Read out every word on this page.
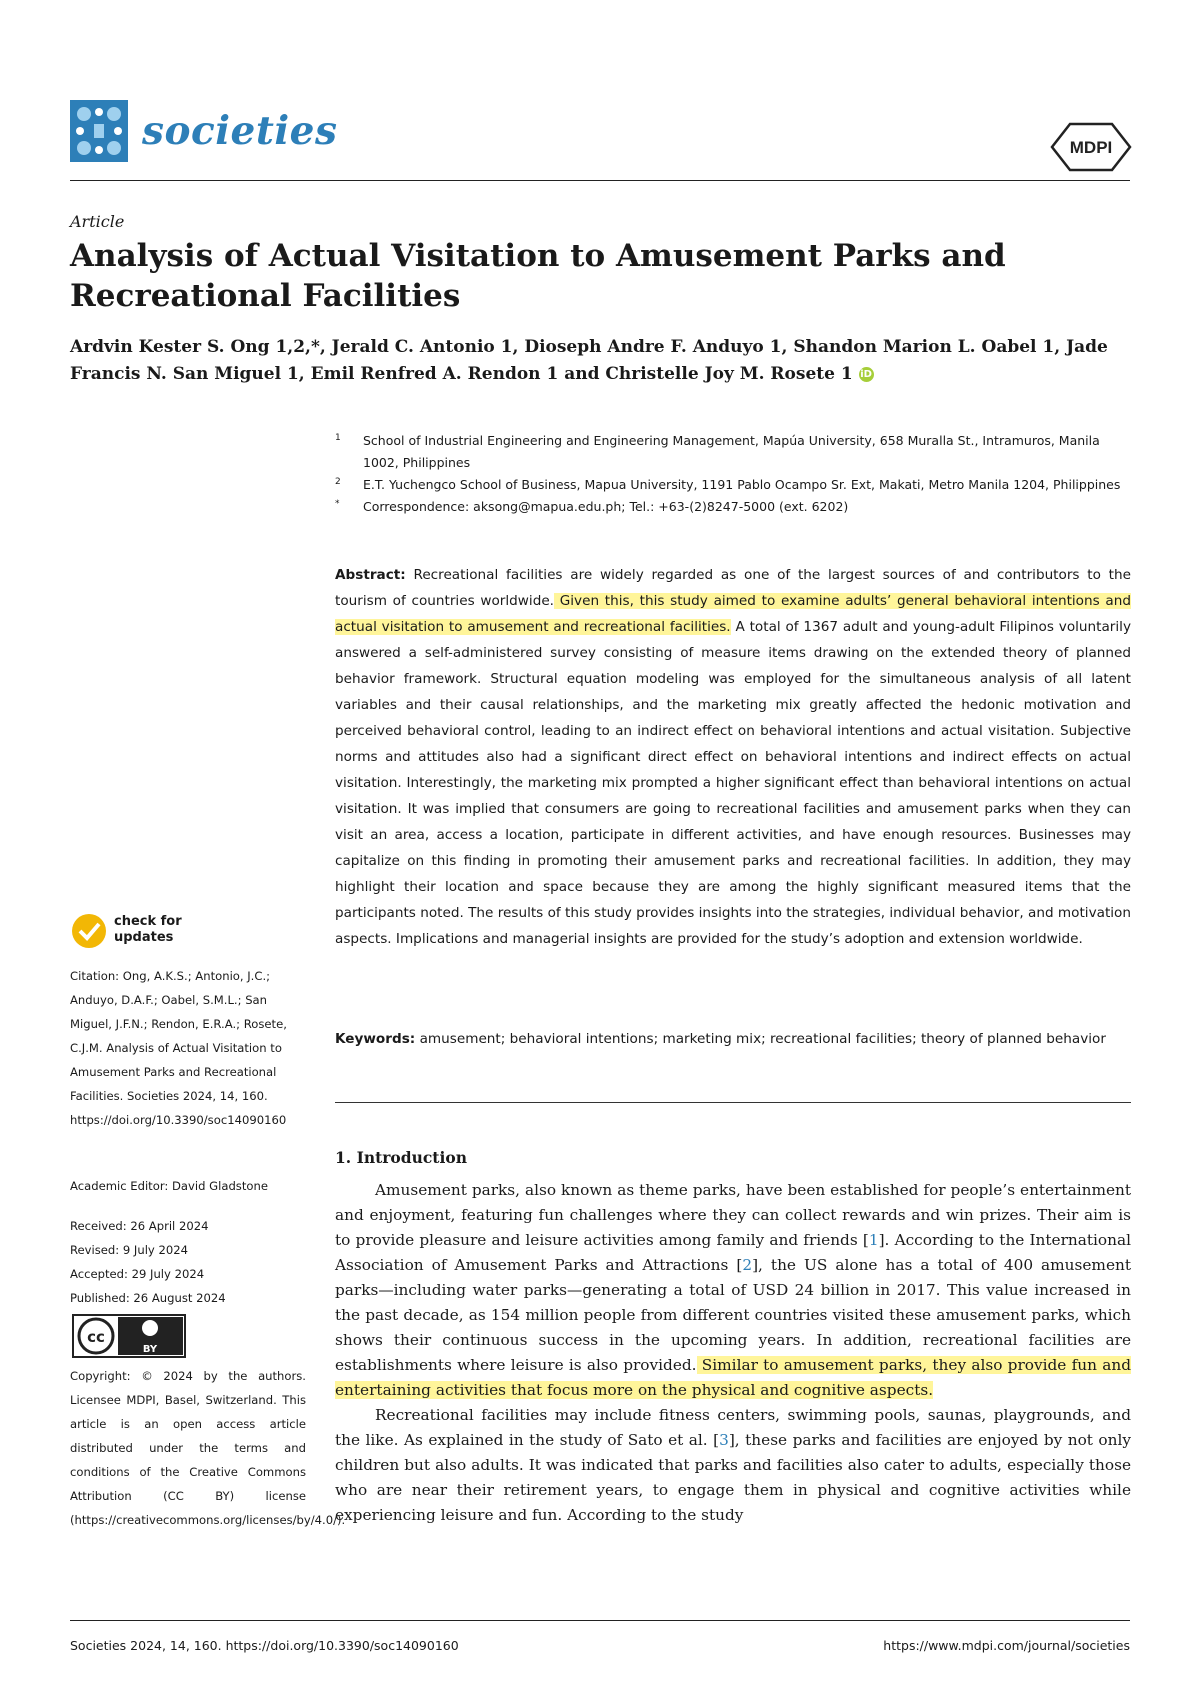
societies	MDPI
Article
Analysis of Actual Visitation to Amusement Parks and Recreational Facilities
Ardvin Kester S. Ong 1,2,*, Jerald C. Antonio 1, Dioseph Andre F. Anduyo 1, Shandon Marion L. Oabel 1, Jade Francis N. San Miguel 1, Emil Renfred A. Rendon 1 and Christelle Joy M. Rosete 1 iD
1 School of Industrial Engineering and Engineering Management, Mapúa University, 658 Muralla St., Intramuros, Manila 1002, Philippines
2 E.T. Yuchengco School of Business, Mapua University, 1191 Pablo Ocampo Sr. Ext, Makati, Metro Manila 1204, Philippines
* Correspondence: aksong@mapua.edu.ph; Tel.: +63-(2)8247-5000 (ext. 6202)
Abstract: Recreational facilities are widely regarded as one of the largest sources of and contributors to the tourism of countries worldwide. Given this, this study aimed to examine adults’ general behavioral intentions and actual visitation to amusement and recreational facilities. A total of 1367 adult and young-adult Filipinos voluntarily answered a self-administered survey consisting of measure items drawing on the extended theory of planned behavior framework. Structural equation modeling was employed for the simultaneous analysis of all latent variables and their causal relationships, and the marketing mix greatly affected the hedonic motivation and perceived behavioral control, leading to an indirect effect on behavioral intentions and actual visitation. Subjective norms and attitudes also had a significant direct effect on behavioral intentions and indirect effects on actual visitation. Interestingly, the marketing mix prompted a higher significant effect than behavioral intentions on actual visitation. It was implied that consumers are going to recreational facilities and amusement parks when they can visit an area, access a location, participate in different activities, and have enough resources. Businesses may capitalize on this finding in promoting their amusement parks and recreational facilities. In addition, they may highlight their location and space because they are among the highly significant measured items that the participants noted. The results of this study provides insights into the strategies, individual behavior, and motivation aspects. Implications and managerial insights are provided for the study’s adoption and extension worldwide.
Keywords: amusement; behavioral intentions; marketing mix; recreational facilities; theory of planned behavior
1. Introduction

Amusement parks, also known as theme parks, have been established for people’s entertainment and enjoyment, featuring fun challenges where they can collect rewards and win prizes. Their aim is to provide pleasure and leisure activities among family and friends [1]. According to the International Association of Amusement Parks and Attractions [2], the US alone has a total of 400 amusement parks—including water parks—generating a total of USD 24 billion in 2017. This value increased in the past decade, as 154 million people from different countries visited these amusement parks, which shows their continuous success in the upcoming years. In addition, recreational facilities are establishments where leisure is also provided. Similar to amusement parks, they also provide fun and entertaining activities that focus more on the physical and cognitive aspects.

Recreational facilities may include fitness centers, swimming pools, saunas, playgrounds, and the like. As explained in the study of Sato et al. [3], these parks and facilities are enjoyed by not only children but also adults. It was indicated that parks and facilities also cater to adults, especially those who are near their retirement years, to engage them in physical and cognitive activities while experiencing leisure and fun. According to the study

check for
updates
Citation: Ong, A.K.S.; Antonio, J.C.; Anduyo, D.A.F.; Oabel, S.M.L.; San Miguel, J.F.N.; Rendon, E.R.A.; Rosete, C.J.M. Analysis of Actual Visitation to Amusement Parks and Recreational Facilities. Societies 2024, 14, 160. https://doi.org/10.3390/soc14090160
Academic Editor: David Gladstone
Received: 26 April 2024
Revised: 9 July 2024
Accepted: 29 July 2024
Published: 26 August 2024
cc
BY
Copyright: © 2024 by the authors. Licensee MDPI, Basel, Switzerland. This article is an open access article distributed under the terms and conditions of the Creative Commons Attribution (CC BY) license (https://creativecommons.org/licenses/by/4.0/).
Societies 2024, 14, 160. https://doi.org/10.3390/soc14090160	https://www.mdpi.com/journal/societies
